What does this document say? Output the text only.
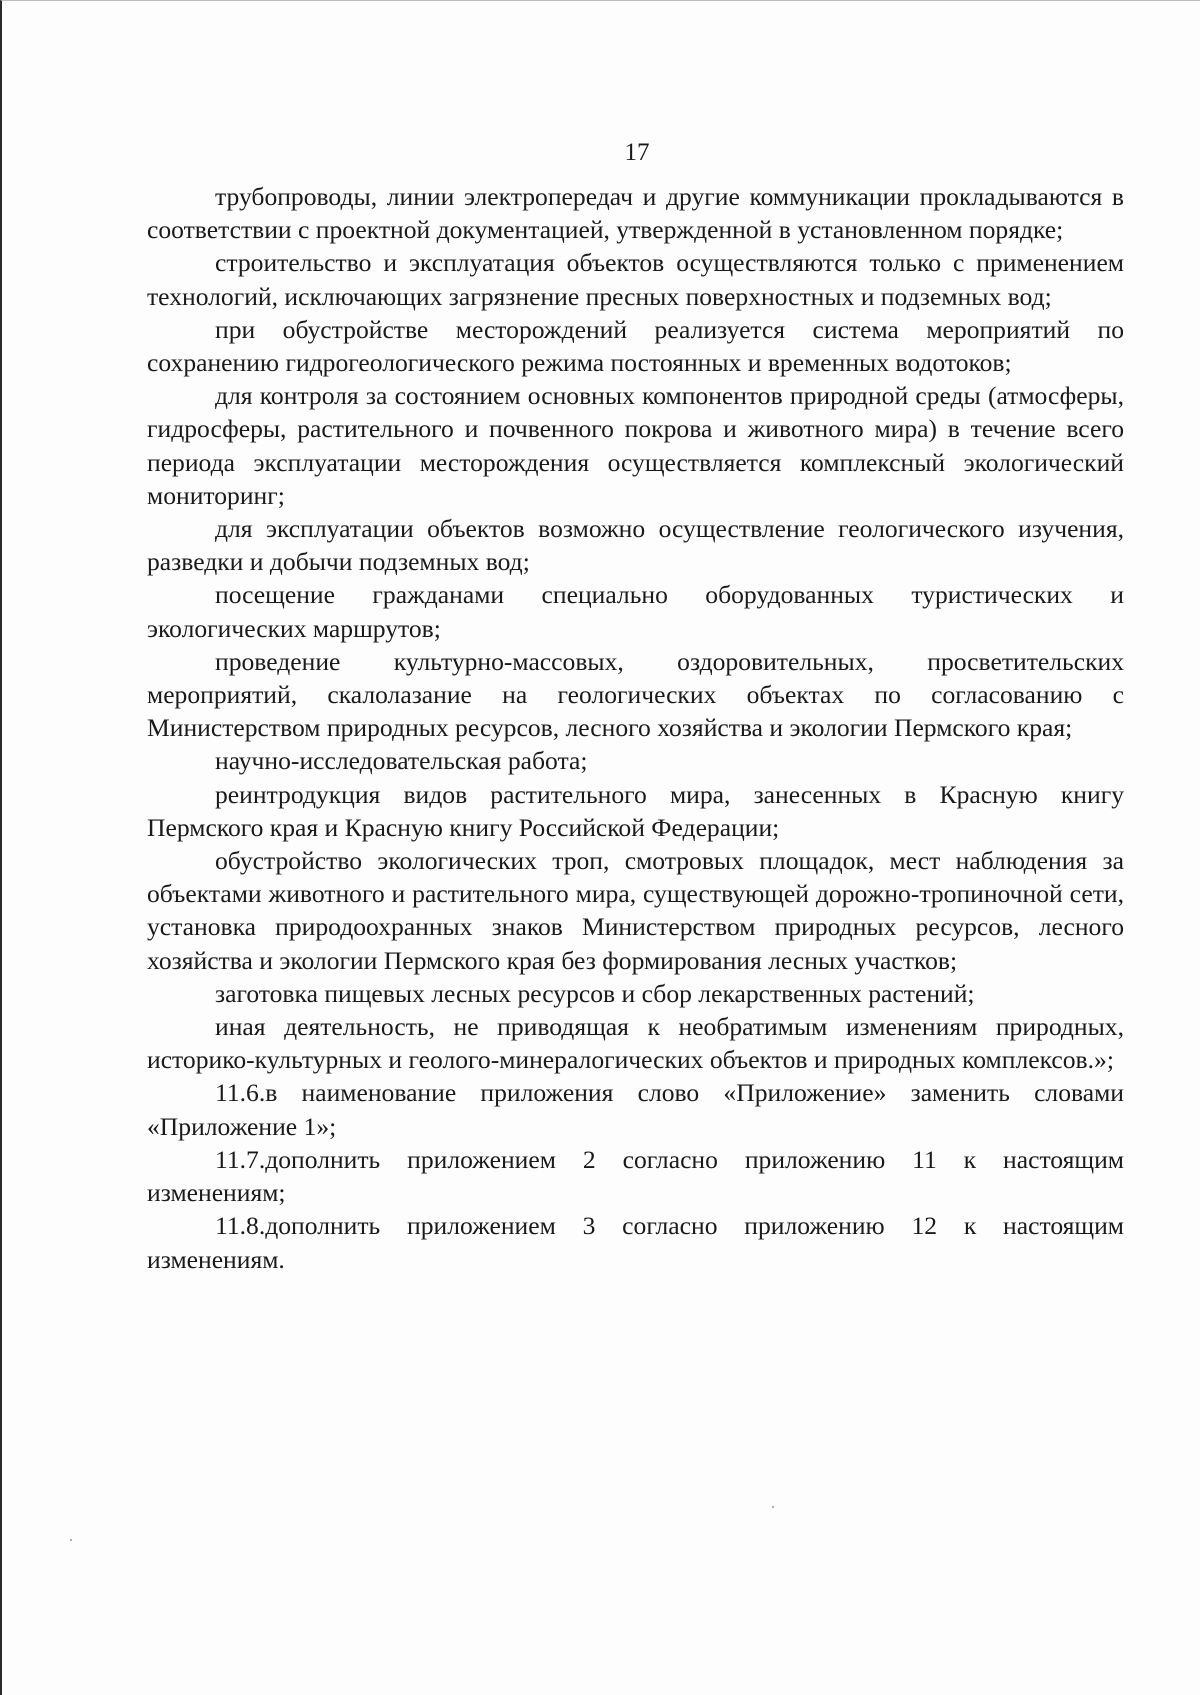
17

трубопроводы, линии электропередач и другие коммуникации прокладываются в соответствии с проектной документацией, утвержденной в установленном порядке;

строительство и эксплуатация объектов осуществляются только с применением технологий, исключающих загрязнение пресных поверхностных и подземных вод;

при обустройстве месторождений реализуется система мероприятий по сохранению гидрогеологического режима постоянных и временных водотоков;

для контроля за состоянием основных компонентов природной среды (атмосферы, гидросферы, растительного и почвенного покрова и животного мира) в течение всего периода эксплуатации месторождения осуществляется комплексный экологический мониторинг;

для эксплуатации объектов возможно осуществление геологического изучения, разведки и добычи подземных вод;

посещение гражданами специально оборудованных туристических и экологических маршрутов;

проведение культурно-массовых, оздоровительных, просветительских мероприятий, скалолазание на геологических объектах по согласованию с Министерством природных ресурсов, лесного хозяйства и экологии Пермского края;

научно-исследовательская работа;

реинтродукция видов растительного мира, занесенных в Красную книгу Пермского края и Красную книгу Российской Федерации;

обустройство экологических троп, смотровых площадок, мест наблюдения за объектами животного и растительного мира, существующей дорожно-тропиночной сети, установка природоохранных знаков Министерством природных ресурсов, лесного хозяйства и экологии Пермского края без формирования лесных участков;

заготовка пищевых лесных ресурсов и сбор лекарственных растений;

иная деятельность, не приводящая к необратимым изменениям природных, историко-культурных и геолого-минералогических объектов и природных комплексов.»;

11.6.в наименование приложения слово «Приложение» заменить словами «Приложение 1»;

11.7.дополнить приложением 2 согласно приложению 11 к настоящим изменениям;

11.8.дополнить приложением 3 согласно приложению 12 к настоящим изменениям.
